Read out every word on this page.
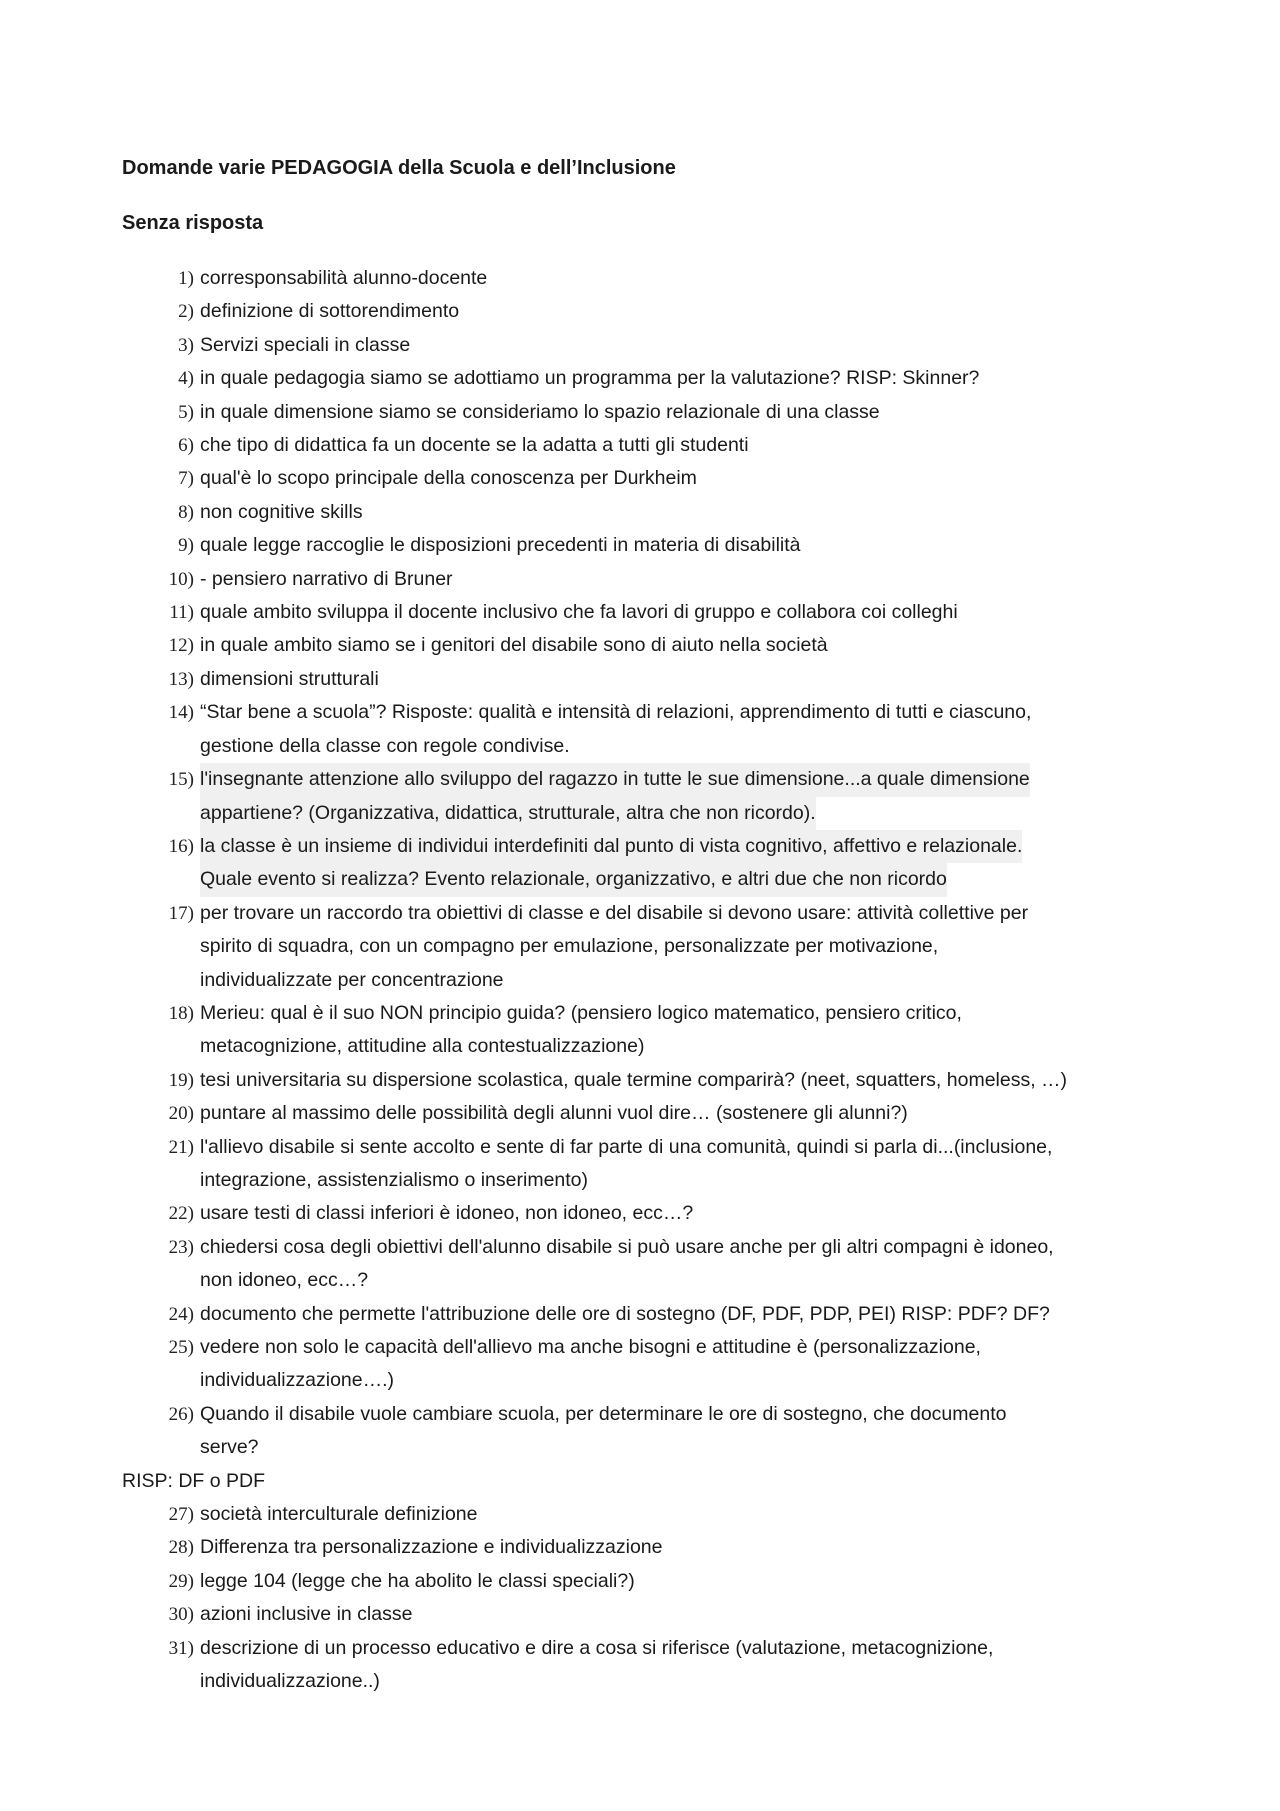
Domande varie PEDAGOGIA della Scuola e dell’Inclusione
Senza risposta
1) corresponsabilità alunno-docente
2) definizione di sottorendimento
3) Servizi speciali in classe
4) in quale pedagogia siamo se adottiamo un programma per la valutazione? RISP: Skinner?
5) in quale dimensione siamo se consideriamo lo spazio relazionale di una classe
6) che tipo di didattica fa un docente se la adatta a tutti gli studenti
7) qual'è lo scopo principale della conoscenza per Durkheim
8) non cognitive skills
9) quale legge raccoglie le disposizioni precedenti in materia di disabilità
10) - pensiero narrativo di Bruner
11) quale ambito sviluppa il docente inclusivo che fa lavori di gruppo e collabora coi colleghi
12) in quale ambito siamo se i genitori del disabile sono di aiuto nella società
13) dimensioni strutturali
14) “Star bene a scuola”? Risposte: qualità e intensità di relazioni, apprendimento di tutti e ciascuno,
gestione della classe con regole condivise.
15) l'insegnante attenzione allo sviluppo del ragazzo in tutte le sue dimensione...a quale dimensione
appartiene? (Organizzativa, didattica, strutturale, altra che non ricordo).
16) la classe è un insieme di individui interdefiniti dal punto di vista cognitivo, affettivo e relazionale.
Quale evento si realizza? Evento relazionale, organizzativo, e altri due che non ricordo
17) per trovare un raccordo tra obiettivi di classe e del disabile si devono usare: attività collettive per
spirito di squadra, con un compagno per emulazione, personalizzate per motivazione,
individualizzate per concentrazione
18) Merieu: qual è il suo NON principio guida? (pensiero logico matematico, pensiero critico,
metacognizione, attitudine alla contestualizzazione)
19) tesi universitaria su dispersione scolastica, quale termine comparirà? (neet, squatters, homeless, …)
20) puntare al massimo delle possibilità degli alunni vuol dire… (sostenere gli alunni?)
21) l'allievo disabile si sente accolto e sente di far parte di una comunità, quindi si parla di...(inclusione,
integrazione, assistenzialismo o inserimento)
22) usare testi di classi inferiori è idoneo, non idoneo, ecc…?
23) chiedersi cosa degli obiettivi dell'alunno disabile si può usare anche per gli altri compagni è idoneo,
non idoneo, ecc…?
24) documento che permette l'attribuzione delle ore di sostegno (DF, PDF, PDP, PEI) RISP: PDF? DF?
25) vedere non solo le capacità dell'allievo ma anche bisogni e attitudine è (personalizzazione,
individualizzazione….)
26) Quando il disabile vuole cambiare scuola, per determinare le ore di sostegno, che documento
serve?
RISP: DF o PDF
27) società interculturale definizione
28) Differenza tra personalizzazione e individualizzazione
29) legge 104 (legge che ha abolito le classi speciali?)
30) azioni inclusive in classe
31) descrizione di un processo educativo e dire a cosa si riferisce (valutazione, metacognizione,
individualizzazione..)
